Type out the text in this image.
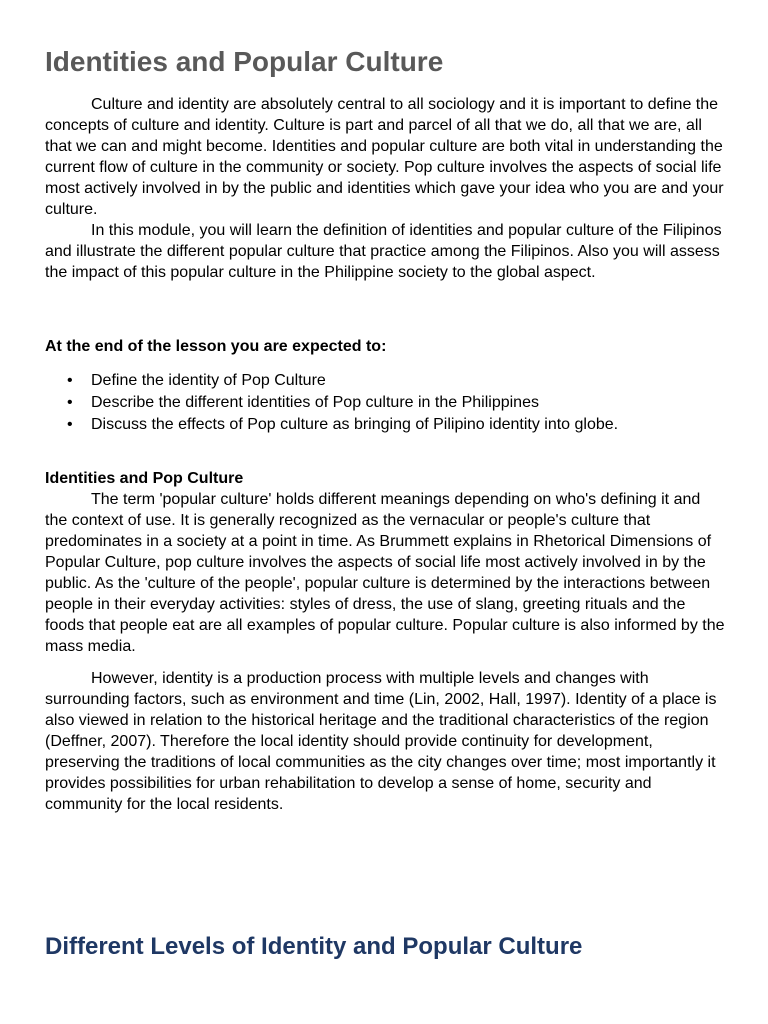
Identities and Popular Culture

Culture and identity are absolutely central to all sociology and it is important to define the concepts of culture and identity. Culture is part and parcel of all that we do, all that we are, all that we can and might become. Identities and popular culture are both vital in understanding the current flow of culture in the community or society. Pop culture involves the aspects of social life most actively involved in by the public and identities which gave your idea who you are and your culture.

In this module, you will learn the definition of identities and popular culture of the Filipinos and illustrate the different popular culture that practice among the Filipinos. Also you will assess the impact of this popular culture in the Philippine society to the global aspect.

At the end of the lesson you are expected to:

• Define the identity of Pop Culture
• Describe the different identities of Pop culture in the Philippines
• Discuss the effects of Pop culture as bringing of Pilipino identity into globe.

Identities and Pop Culture

The term 'popular culture' holds different meanings depending on who's defining it and the context of use. It is generally recognized as the vernacular or people's culture that predominates in a society at a point in time. As Brummett explains in Rhetorical Dimensions of Popular Culture, pop culture involves the aspects of social life most actively involved in by the public. As the 'culture of the people', popular culture is determined by the interactions between people in their everyday activities: styles of dress, the use of slang, greeting rituals and the foods that people eat are all examples of popular culture. Popular culture is also informed by the mass media.

However, identity is a production process with multiple levels and changes with surrounding factors, such as environment and time (Lin, 2002, Hall, 1997). Identity of a place is also viewed in relation to the historical heritage and the traditional characteristics of the region (Deffner, 2007). Therefore the local identity should provide continuity for development, preserving the traditions of local communities as the city changes over time; most importantly it provides possibilities for urban rehabilitation to develop a sense of home, security and community for the local residents.

Different Levels of Identity and Popular Culture
